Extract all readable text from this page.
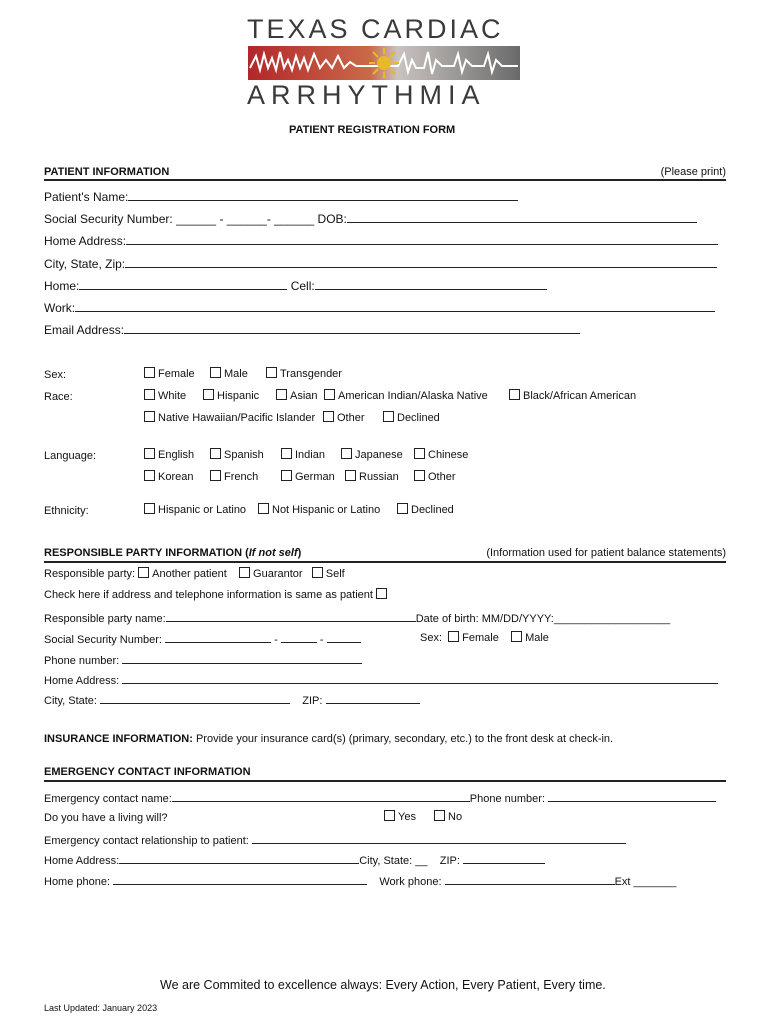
TEXAS CARDIAC
ARRHYTHMIA
PATIENT REGISTRATION FORM
PATIENT INFORMATION	(Please print)
Patient's Name:
Social Security Number: ______ - ______- ______ DOB:
Home Address:
City, State, Zip:
Home:	Cell:
Work:
Email Address:
Sex:	Female	Male	Transgender
Race:	White	Hispanic	Asian	American Indian/Alaska Native	Black/African American
Native Hawaiian/Pacific Islander	Other	Declined
Language:	English	Spanish	Indian	Japanese	Chinese
Korean	French	German	Russian	Other
Ethnicity:	Hispanic or Latino	Not Hispanic or Latino	Declined
RESPONSIBLE PARTY INFORMATION (If not self)	(Information used for patient balance statements)
Responsible party: Another patient Guarantor Self
Check here if address and telephone information is same as patient
Responsible party name:	Date of birth: MM/DD/YYYY:___________________
Social Security Number:	-	-	Sex: Female Male
Phone number:
Home Address:
City, State:	ZIP:
INSURANCE INFORMATION: Provide your insurance card(s) (primary, secondary, etc.) to the front desk at check-in.
EMERGENCY CONTACT INFORMATION
Emergency contact name:	Phone number:
Do you have a living will?	Yes	No
Emergency contact relationship to patient:
Home Address:	City, State: __ ZIP:
Home phone:	Work phone:	Ext _______
We are Commited to excellence always: Every Action, Every Patient, Every time.
Last Updated: January 2023
